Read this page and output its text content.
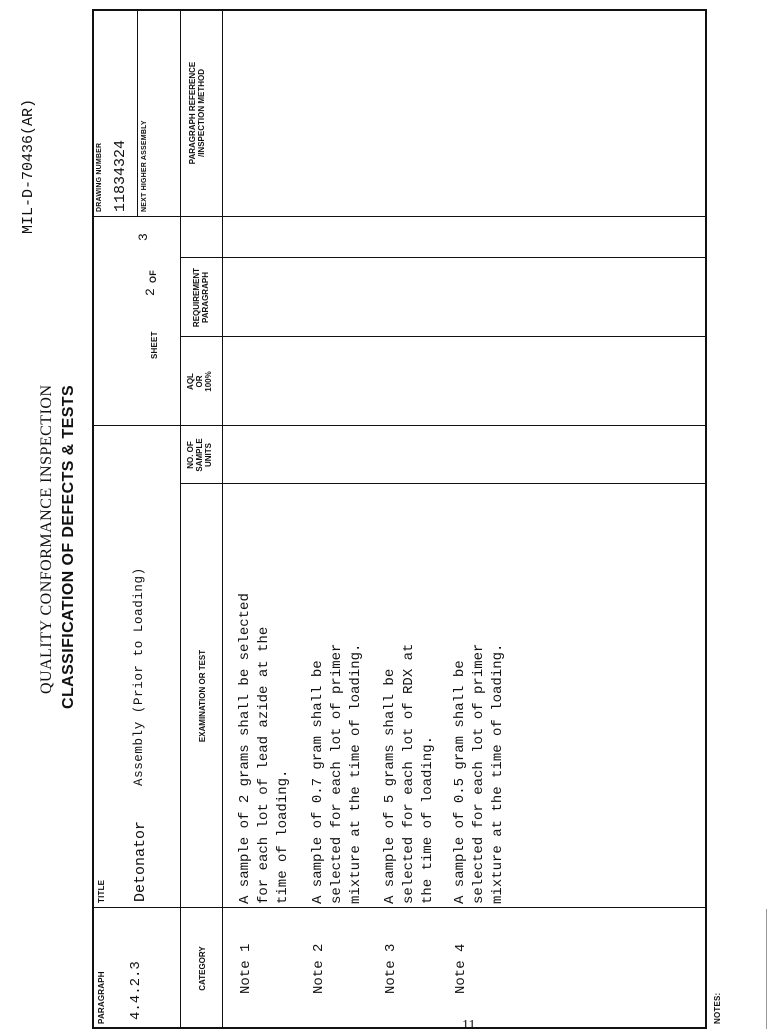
MIL-D-70436(AR)
QUALITY CONFORMANCE INSPECTION CLASSIFICATION OF DEFECTS & TESTS
PARAGRAPH 4.4.2.3
TITLE Detonator
Assembly (Prior to Loading)
SHEET
2
OF
3
DRAWING NUMBER 11834324 NEXT HIGHER ASSEMBLY
CATEGORY
EXAMINATION OR TEST
NO. OF
SAMPLE
UNITS
AQL
OR
100%
REQUIREMENT
PARAGRAPH
PARAGRAPH REFERENCE
/INSPECTION METHOD
Note 1
A sample of 2 grams shall be selected
for each lot of lead azide at the
time of loading.
Note 2
A sample of 0.7 gram shall be
selected for each lot of primer
mixture at the time of loading.
Note 3
A sample of 5 grams shall be
selected for each lot of RDX at
the time of loading.
Note 4
A sample of 0.5 gram shall be
selected for each lot of primer
mixture at the time of loading.
NOTES:
11
